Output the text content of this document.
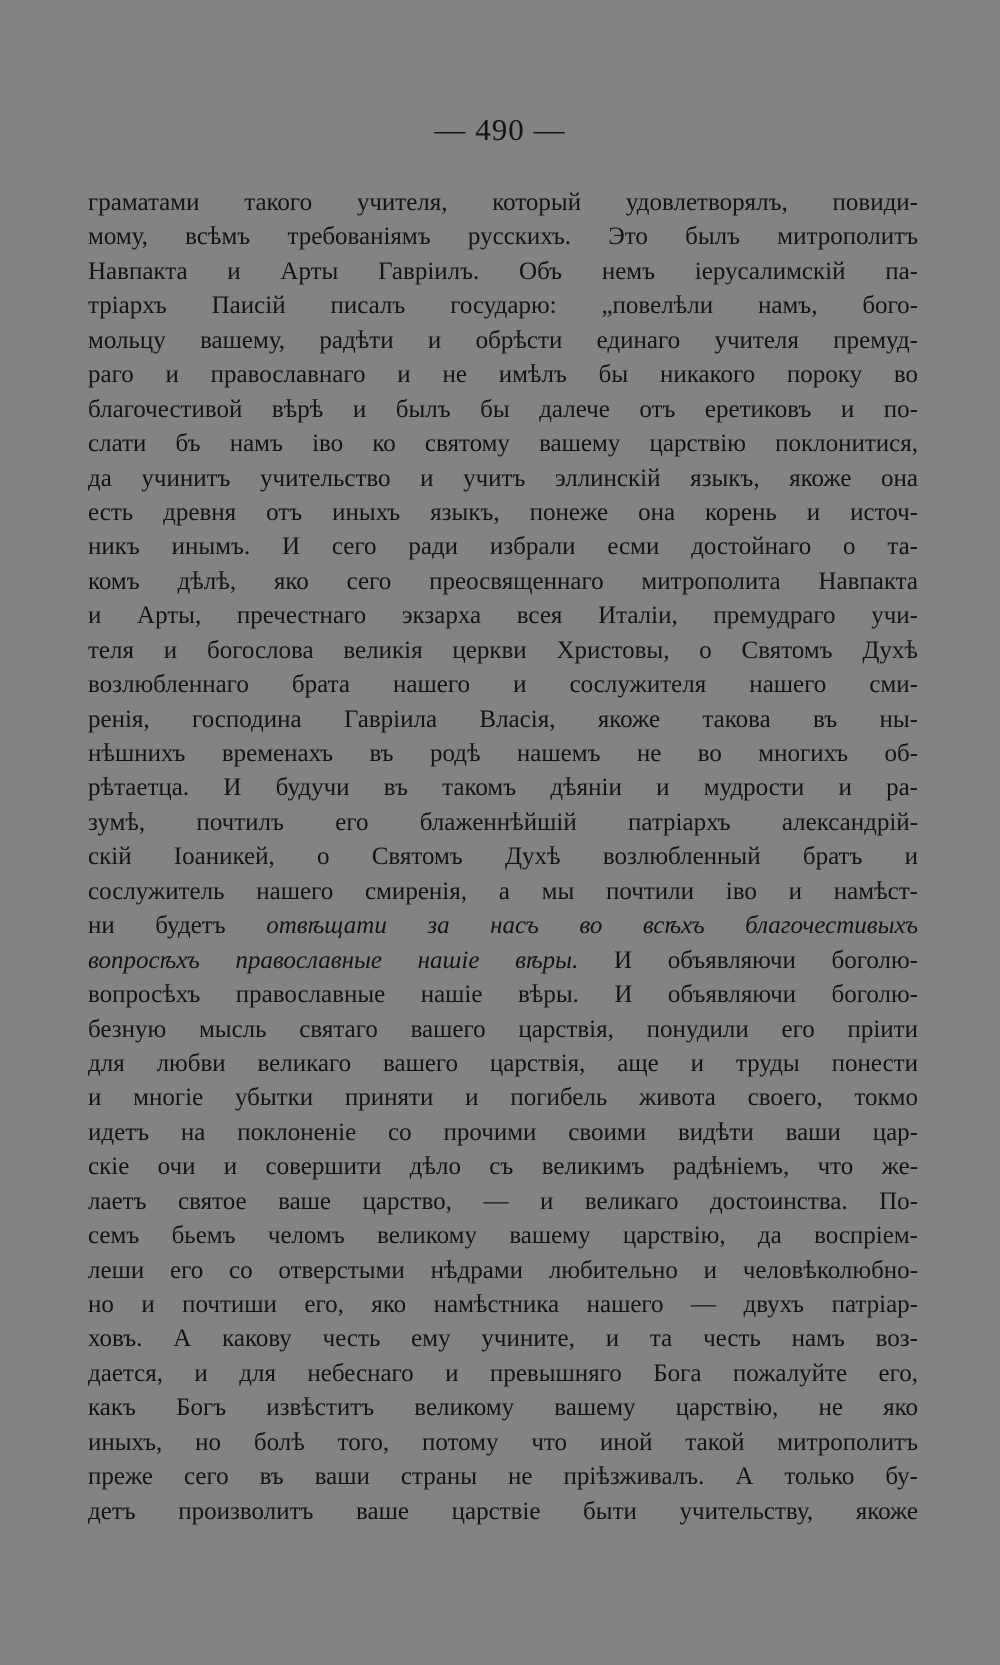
— 490 —
граматами такого учителя, который удовлетворялъ, повиди-
мому, всѣмъ требованiямъ русскихъ. Это былъ митрополитъ
Навпакта и Арты Гаврiилъ. Объ немъ iерусалимскiй па-
трiархъ Паисiй писалъ государю: „повелѣли намъ, бого-
мольцу вашему, радѣти и обрѣсти единаго учителя премуд-
раго и православнаго и не имѣлъ бы никакого пороку во
благочестивой вѣрѣ и былъ бы далече отъ еретиковъ и по-
слати бъ намъ iво ко святому вашему царствiю поклонитися,
да учинитъ учительство и учитъ эллинскiй языкъ, якоже она
есть древня отъ иныхъ языкъ, понеже она корень и источ-
никъ инымъ. И сего ради избрали есми достойнаго о та-
комъ дѣлѣ, яко сего преосвященнаго митрополита Навпакта
и Арты, пречестнаго экзарха всея Италiи, премудраго учи-
теля и богослова великiя церкви Христовы, о Святомъ Духѣ
возлюбленнаго брата нашего и сослужителя нашего сми-
ренiя, господина Гаврiила Власiя, якоже такова въ ны-
нѣшнихъ временахъ въ родѣ нашемъ не во многихъ об-
рѣтаетца. И будучи въ такомъ дѣянiи и мудрости и ра-
зумѣ, почтилъ его блаженнѣйшiй патрiархъ александрiй-
скiй Iоаникей, о Святомъ Духѣ возлюбленный братъ и
сослужитель нашего смиренiя, а мы почтили iво и намѣст-
ни будетъ отвѣщати за насъ во всѣхъ благочестивыхъ
вопросѣхъ православные нашiе вѣры. И объявляючи боголю-
вопросѣхъ православные нашiе вѣры. И объявляючи боголю-
безную мысль святаго вашего царствiя, понудили его прiити
для любви великаго вашего царствiя, аще и труды понести
и многiе убытки приняти и погибель живота своего, токмо
идетъ на поклоненiе со прочими своими видѣти ваши цар-
скiе очи и совершити дѣло съ великимъ радѣнiемъ, что же-
лаетъ святое ваше царство, — и великаго достоинства. По-
семъ бьемъ челомъ великому вашему царствiю, да воспрiем-
леши его со отверстыми нѣдрами любительно и человѣколюбно-
но и почтиши его, яко намѣстника нашего — двухъ патрiар-
ховъ. А какову честь ему учините, и та честь намъ воз-
дается, и для небеснаго и превышняго Бога пожалуйте его,
какъ Богъ извѣститъ великому вашему царствiю, не яко
иныхъ, но болѣ того, потому что иной такой митрополитъ
преже сего въ ваши страны не прiѣзживалъ. А только бу-
детъ произволитъ ваше царствiе быти учительству, якоже
